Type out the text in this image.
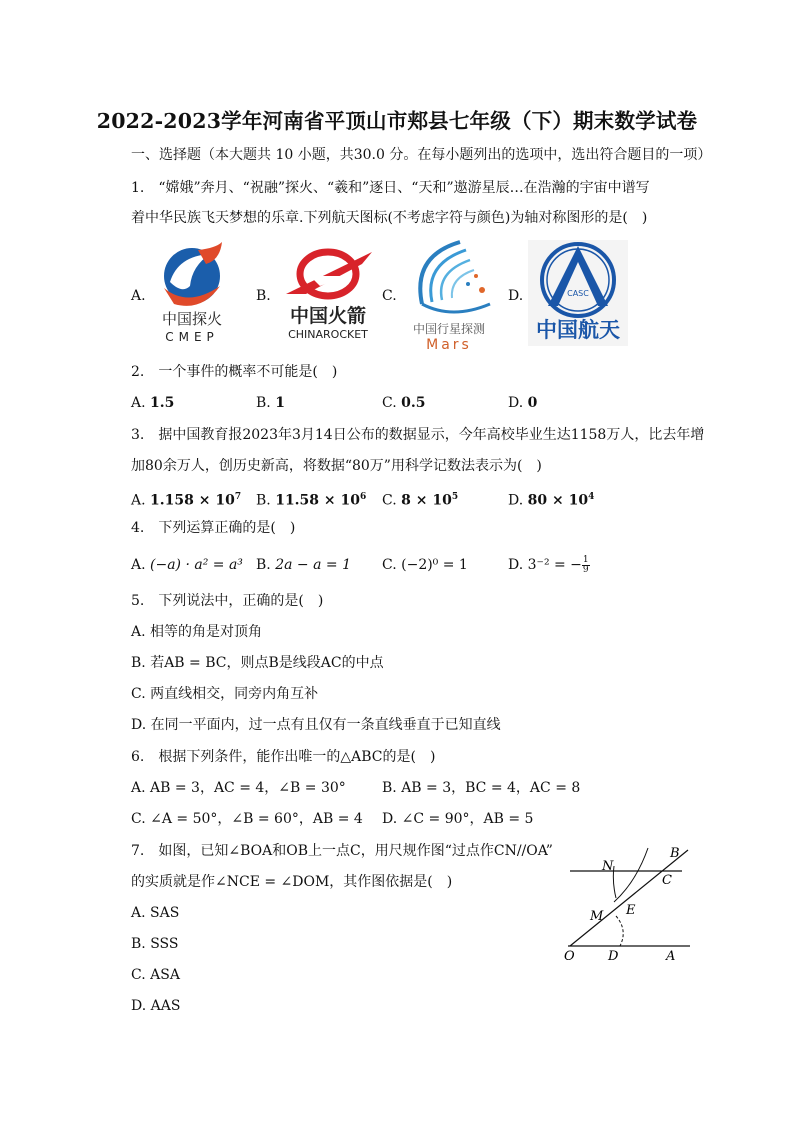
2022-2023学年河南省平顶山市郏县七年级（下）期末数学试卷
一、选择题（本大题共 10 小题，共30.0 分。在每小题列出的选项中，选出符合题目的一项）
1.　“嫦娥”奔月、“祝融”探火、“羲和”逐日、“天和”遨游星辰…在浩瀚的宇宙中谱写
着中华民族飞天梦想的乐章.下列航天图标(不考虑字符与颜色)为轴对称图形的是(　)
A.
中国探火
CMEP
B.
中国火箭
CHINAROCKET
C.
中国行星探测
Mars
D.	CASC
中国航天
2.　一个事件的概率不可能是(　)
A. 1.5	B. 1	C. 0.5	D. 0
3.　据中国教育报2023年3月14日公布的数据显示，今年高校毕业生达1158万人，比去年增
加80余万人，创历史新高，将数据“80万”用科学记数法表示为(　)
A. $1.158 \times 10^7$ B. $11.58 \times 10^6$ C. $8 \times 10^5$	D. $80 \times 10^4$
4.　下列运算正确的是(　)
A. (−a) · a² = a³ B. 2a − a = 1 C. (−2)⁰ = 1	D. 3⁻² = − $\frac{1}{9}$
5.　下列说法中，正确的是(　)
A. 相等的角是对顶角
B. 若AB = BC，则点B是线段AC的中点
C. 两直线相交，同旁内角互补
D. 在同一平面内，过一点有且仅有一条直线垂直于已知直线
6.　根据下列条件，能作出唯一的△ABC的是(　)
A. AB = 3，AC = 4，∠B = 30°	B. AB = 3，BC = 4，AC = 8
C. ∠A = 50°，∠B = 60°，AB = 4 D. ∠C = 90°，AB = 5
7.　如图，已知∠BOA和OB上一点C，用尺规作图“过点作CN//OA”
的实质就是作∠NCE = ∠DOM，其作图依据是(　)
A. SAS
B. SSS
C. ASA
D. AAS
N
B
C
E
M
O	D	A
